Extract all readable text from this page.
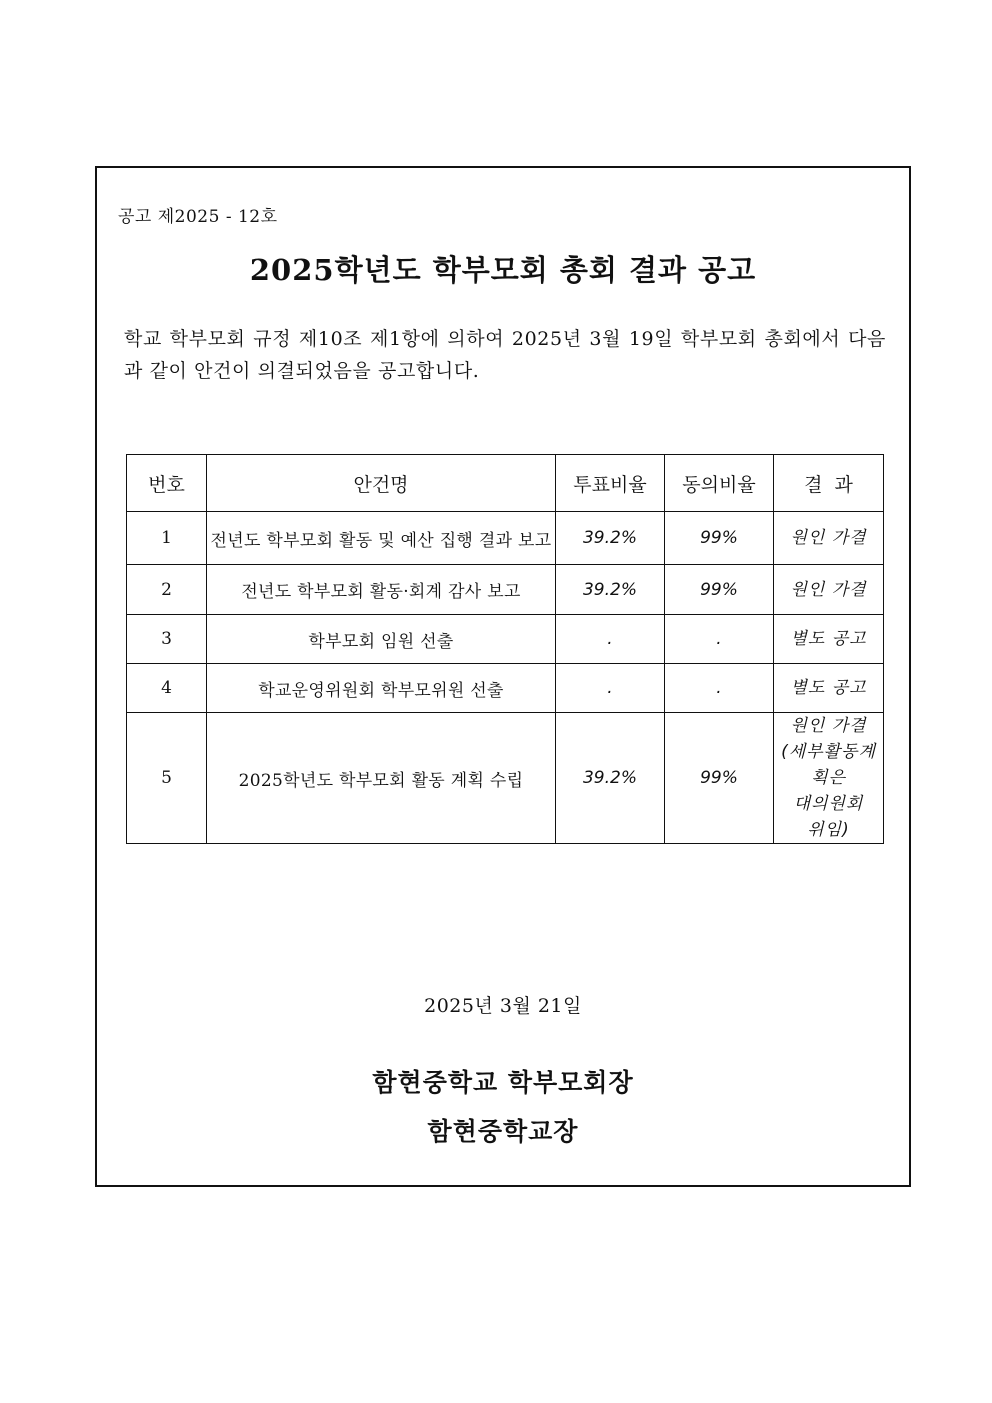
공고 제2025 - 12호
2025학년도 학부모회 총회 결과 공고
학교 학부모회 규정 제10조 제1항에 의하여 2025년 3월 19일 학부모회 총회에서 다음과 같이 안건이 의결되었음을 공고합니다.
번호	안건명	투표비율	동의비율	결  과
1	전년도 학부모회 활동 및 예산 집행 결과 보고	39.2%	99%	원인 가결

2	전년도 학부모회 활동·회계 감사 보고	39.2%	99%	원인 가결

3	학부모회 임원 선출	.	.	별도 공고

4	학교운영위원회 학부모위원 선출	.	.	별도 공고

5	2025학년도 학부모회 활동 계획 수립	39.2%	99%	원인 가결
(세부활동계
획은
대의원회
위임)
2025년 3월 21일
함현중학교 학부모회장
함현중학교장
